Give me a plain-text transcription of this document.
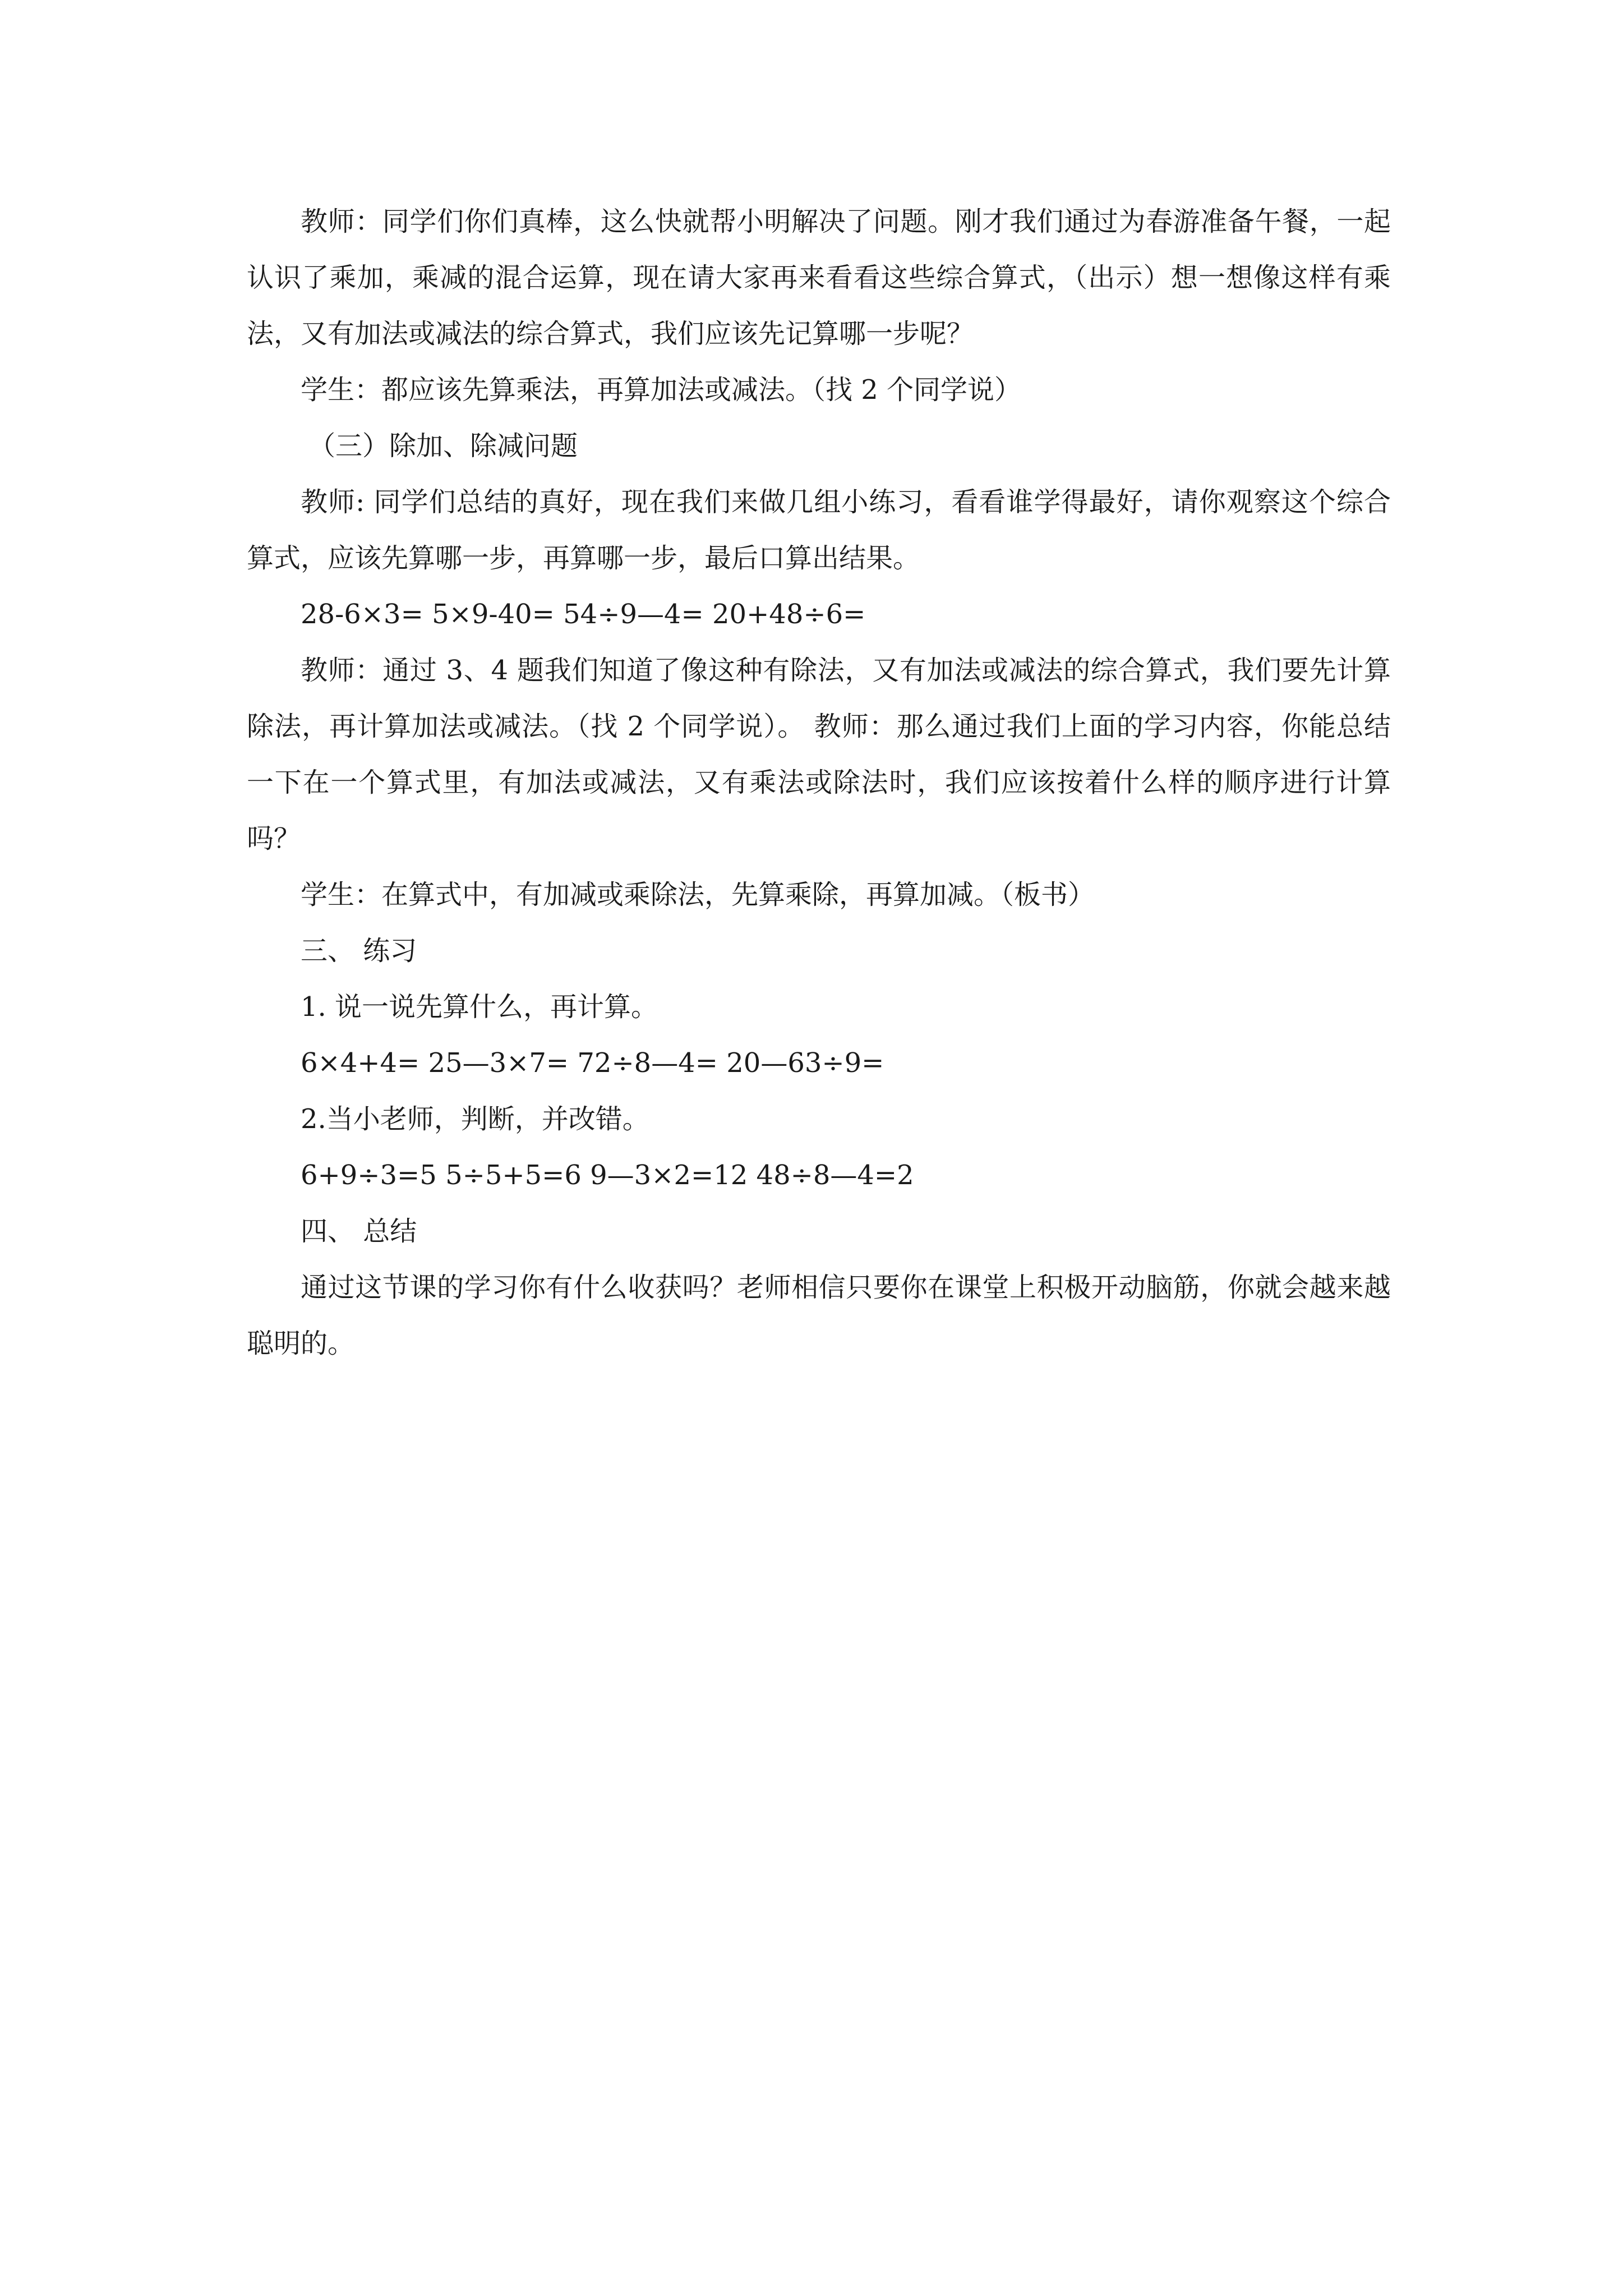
教师：同学们你们真棒，这么快就帮小明解决了问题。刚才我们通过为春游准备午餐，一起认识了乘加，乘减的混合运算，现在请大家再来看看这些综合算式，（出示）想一想像这样有乘法，又有加法或减法的综合算式，我们应该先记算哪一步呢？

学生：都应该先算乘法，再算加法或减法。（找 2 个同学说）

（三）除加、除减问题

教师: 同学们总结的真好，现在我们来做几组小练习，看看谁学得最好，请你观察这个综合算式，应该先算哪一步，再算哪一步，最后口算出结果。

28-6×3= 5×9-40= 54÷9—4= 20+48÷6=

教师：通过 3、4 题我们知道了像这种有除法，又有加法或减法的综合算式，我们要先计算除法，再计算加法或减法。（找 2 个同学说）。 教师：那么通过我们上面的学习内容，你能总结一下在一个算式里，有加法或减法，又有乘法或除法时，我们应该按着什么样的顺序进行计算吗？

学生：在算式中，有加减或乘除法，先算乘除，再算加减。（板书）

三、 练习

1. 说一说先算什么，再计算。

6×4+4= 25—3×7= 72÷8—4= 20—63÷9=

2.当小老师，判断，并改错。

6+9÷3=5 5÷5+5=6 9—3×2=12 48÷8—4=2

四、 总结

通过这节课的学习你有什么收获吗？老师相信只要你在课堂上积极开动脑筋，你就会越来越聪明的。
